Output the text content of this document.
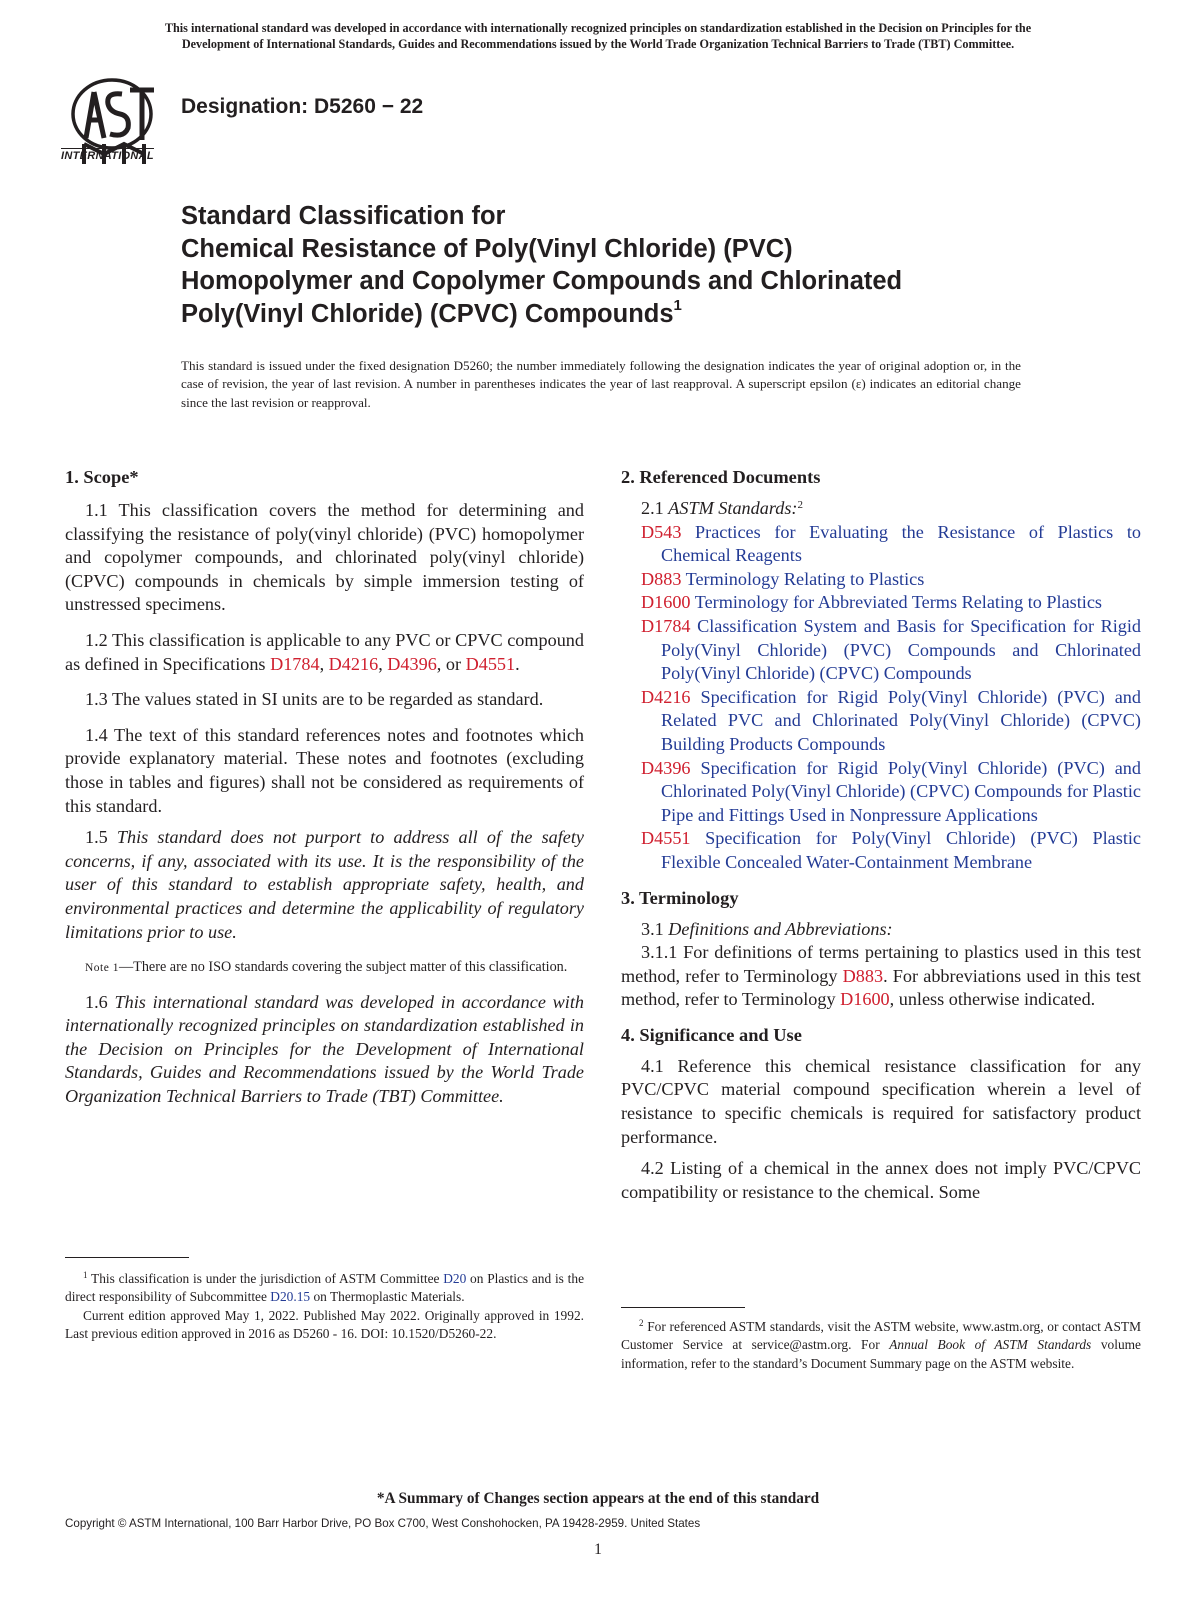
This international standard was developed in accordance with internationally recognized principles on standardization established in the Decision on Principles for the
Development of International Standards, Guides and Recommendations issued by the World Trade Organization Technical Barriers to Trade (TBT) Committee.
INTERNATIONAL
Designation: D5260 − 22
Standard Classification for
Chemical Resistance of Poly(Vinyl Chloride) (PVC)
Homopolymer and Copolymer Compounds and Chlorinated
Poly(Vinyl Chloride) (CPVC) Compounds$^1$
This standard is issued under the fixed designation D5260; the number immediately following the designation indicates the year of original adoption or, in the case of revision, the year of last revision. A number in parentheses indicates the year of last reapproval. A superscript epsilon (ε) indicates an editorial change since the last revision or reapproval.
1. Scope*

1.1 This classification covers the method for determining and classifying the resistance of poly(vinyl chloride) (PVC) homopolymer and copolymer compounds, and chlorinated poly(vinyl chloride) (CPVC) compounds in chemicals by simple immersion testing of unstressed specimens.

1.2 This classification is applicable to any PVC or CPVC compound as defined in Specifications D1784, D4216, D4396, or D4551.

1.3 The values stated in SI units are to be regarded as standard.

1.4 The text of this standard references notes and footnotes which provide explanatory material. These notes and footnotes (excluding those in tables and figures) shall not be considered as requirements of this standard.

1.5 This standard does not purport to address all of the safety concerns, if any, associated with its use. It is the responsibility of the user of this standard to establish appropriate safety, health, and environmental practices and determine the applicability of regulatory limitations prior to use.

Note 1—There are no ISO standards covering the subject matter of this classification.

1.6 This international standard was developed in accordance with internationally recognized principles on standardization established in the Decision on Principles for the Development of International Standards, Guides and Recommendations issued by the World Trade Organization Technical Barriers to Trade (TBT) Committee.

2. Referenced Documents

2.1 ASTM Standards:$^2$

D543 Practices for Evaluating the Resistance of Plastics to Chemical Reagents

D883 Terminology Relating to Plastics

D1600 Terminology for Abbreviated Terms Relating to Plastics

D1784 Classification System and Basis for Specification for Rigid Poly(Vinyl Chloride) (PVC) Compounds and Chlorinated Poly(Vinyl Chloride) (CPVC) Compounds

D4216 Specification for Rigid Poly(Vinyl Chloride) (PVC) and Related PVC and Chlorinated Poly(Vinyl Chloride) (CPVC) Building Products Compounds

D4396 Specification for Rigid Poly(Vinyl Chloride) (PVC) and Chlorinated Poly(Vinyl Chloride) (CPVC) Compounds for Plastic Pipe and Fittings Used in Nonpressure Applications

D4551 Specification for Poly(Vinyl Chloride) (PVC) Plastic Flexible Concealed Water-Containment Membrane

3. Terminology

3.1 Definitions and Abbreviations:

3.1.1 For definitions of terms pertaining to plastics used in this test method, refer to Terminology D883. For abbreviations used in this test method, refer to Terminology D1600, unless otherwise indicated.

4. Significance and Use

4.1 Reference this chemical resistance classification for any PVC/CPVC material compound specification wherein a level of resistance to specific chemicals is required for satisfactory product performance.

4.2 Listing of a chemical in the annex does not imply PVC/CPVC compatibility or resistance to the chemical. Some

$^1$ This classification is under the jurisdiction of ASTM Committee D20 on Plastics and is the direct responsibility of Subcommittee D20.15 on Thermoplastic Materials.

Current edition approved May 1, 2022. Published May 2022. Originally approved in 1992. Last previous edition approved in 2016 as D5260 - 16. DOI: 10.1520/D5260-22.

$^2$ For referenced ASTM standards, visit the ASTM website, www.astm.org, or contact ASTM Customer Service at service@astm.org. For Annual Book of ASTM Standards volume information, refer to the standard’s Document Summary page on the ASTM website.

*A Summary of Changes section appears at the end of this standard
Copyright © ASTM International, 100 Barr Harbor Drive, PO Box C700, West Conshohocken, PA 19428-2959. United States
1
